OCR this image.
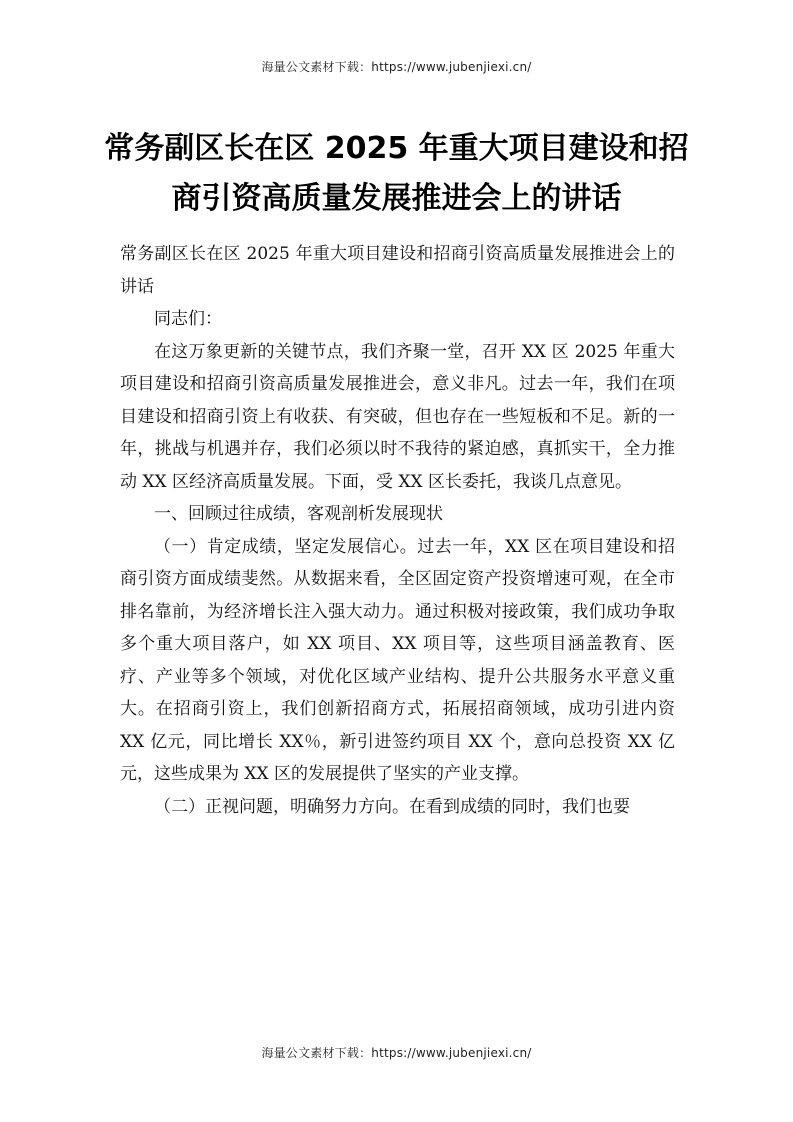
海量公文素材下载：https://www.jubenjiexi.cn/
常务副区长在区 2025 年重大项目建设和招
商引资高质量发展推进会上的讲话

常务副区长在区 2025 年重大项目建设和招商引资高质量发展推进会上的讲话

同志们：

在这万象更新的关键节点，我们齐聚一堂，召开 XX 区 2025 年重大项目建设和招商引资高质量发展推进会，意义非凡。过去一年，我们在项目建设和招商引资上有收获、有突破，但也存在一些短板和不足。新的一年，挑战与机遇并存，我们必须以时不我待的紧迫感，真抓实干，全力推动 XX 区经济高质量发展。下面，受 XX 区长委托，我谈几点意见。

一、回顾过往成绩，客观剖析发展现状

（一）肯定成绩，坚定发展信心。过去一年，XX 区在项目建设和招商引资方面成绩斐然。从数据来看，全区固定资产投资增速可观，在全市排名靠前，为经济增长注入强大动力。通过积极对接政策，我们成功争取多个重大项目落户，如 XX 项目、XX 项目等，这些项目涵盖教育、医疗、产业等多个领域，对优化区域产业结构、提升公共服务水平意义重大。在招商引资上，我们创新招商方式，拓展招商领域，成功引进内资 XX 亿元，同比增长 XX％，新引进签约项目 XX 个，意向总投资 XX 亿元，这些成果为 XX 区的发展提供了坚实的产业支撑。

（二）正视问题，明确努力方向。在看到成绩的同时，我们也要

海量公文素材下载：https://www.jubenjiexi.cn/
